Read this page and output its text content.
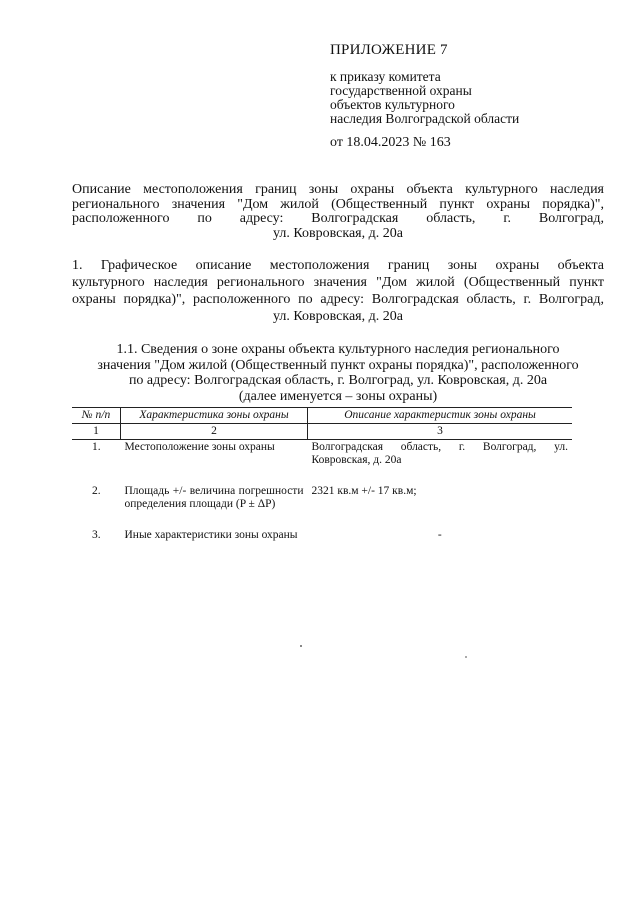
ПРИЛОЖЕНИЕ 7
к приказу комитета
государственной охраны
объектов культурного
наследия Волгоградской области
от 18.04.2023 № 163
Описание местоположения границ зоны охраны объекта культурного наследия
регионального значения "Дом жилой (Общественный пункт охраны порядка)",
расположенного по адресу: Волгоградская область, г. Волгоград,
ул. Ковровская, д. 20а
1. Графическое описание местоположения границ зоны охраны объекта
культурного наследия регионального значения "Дом жилой (Общественный пункт
охраны порядка)", расположенного по адресу: Волгоградская область, г. Волгоград,
ул. Ковровская, д. 20а
1.1. Сведения о зоне охраны объекта культурного наследия регионального
значения "Дом жилой (Общественный пункт охраны порядка)", расположенного
по адресу: Волгоградская область, г. Волгоград, ул. Ковровская, д. 20а
(далее именуется – зоны охраны)
№ п/п	Характеристика зоны охраны	Описание характеристик зоны охраны
1	2	3
1.	Местоположение зоны охраны	Волгоградская область, г. Волгоград, ул. Ковровская, д. 20а

2.	Площадь +/- величина погрешности определения площади (P ± ΔP)	2321 кв.м +/- 17 кв.м;

3.	Иные характеристики зоны охраны	-
